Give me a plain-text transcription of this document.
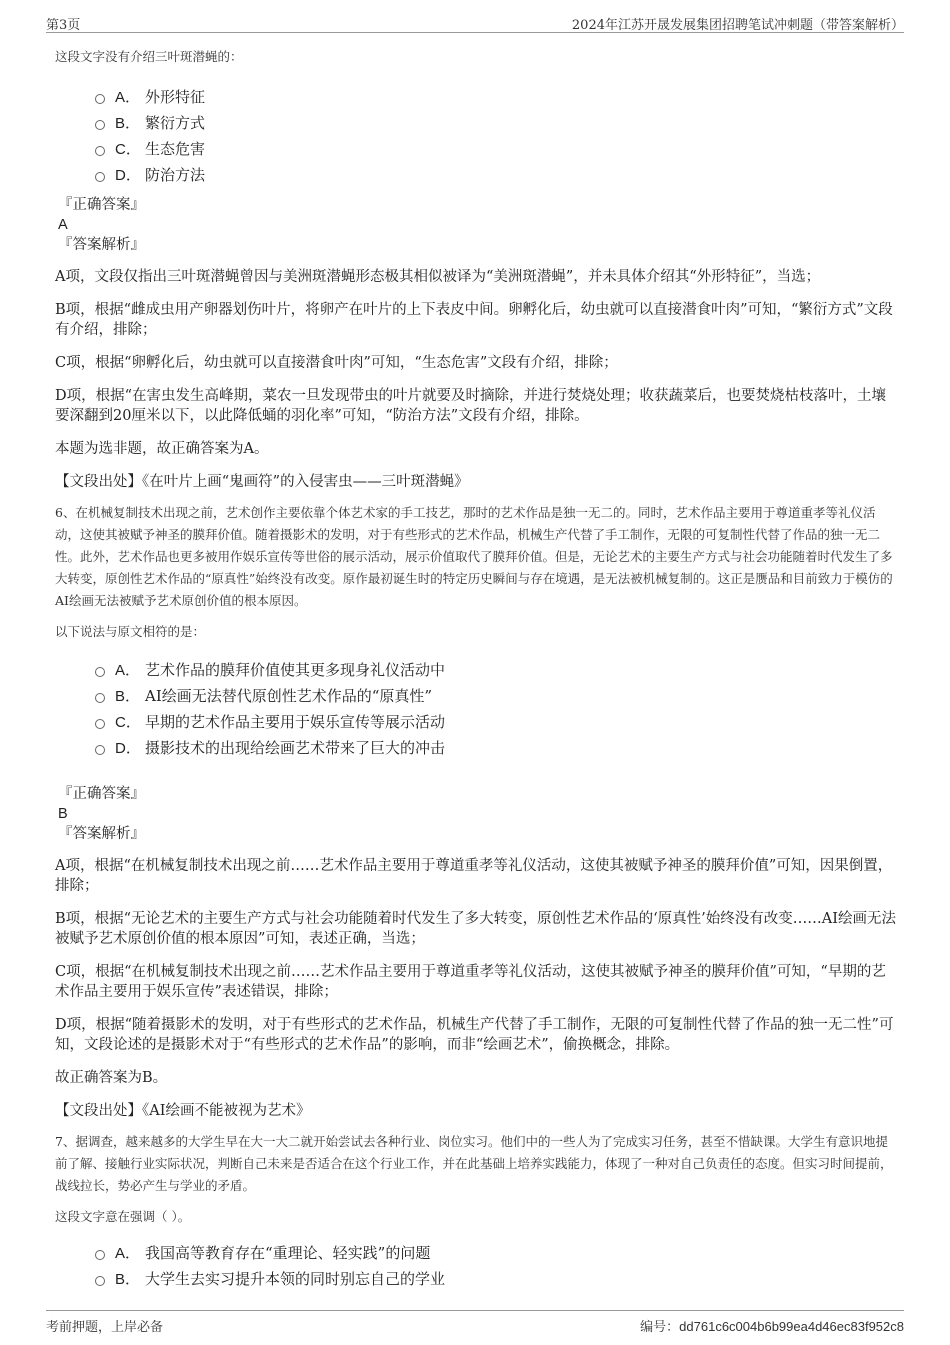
第3页	2024年江苏开晟发展集团招聘笔试冲刺题（带答案解析）
这段文字没有介绍三叶斑潜蝇的：
A． 外形特征
B． 繁衍方式
C． 生态危害
D． 防治方法
『正确答案』
A
『答案解析』

A项，文段仅指出三叶斑潜蝇曾因与美洲斑潜蝇形态极其相似被译为“美洲斑潜蝇”，并未具体介绍其“外形特征”，当选；

B项，根据“雌成虫用产卵器划伤叶片，将卵产在叶片的上下表皮中间。卵孵化后，幼虫就可以直接潜食叶肉”可知，“繁衍方式”文段有介绍，排除；

C项，根据“卵孵化后，幼虫就可以直接潜食叶肉”可知，“生态危害”文段有介绍，排除；

D项，根据“在害虫发生高峰期，菜农一旦发现带虫的叶片就要及时摘除，并进行焚烧处理；收获蔬菜后，也要焚烧枯枝落叶，土壤要深翻到20厘米以下，以此降低蛹的羽化率”可知，“防治方法”文段有介绍，排除。

本题为选非题，故正确答案为A。

【文段出处】《在叶片上画“鬼画符”的入侵害虫——三叶斑潜蝇》

6、在机械复制技术出现之前，艺术创作主要依靠个体艺术家的手工技艺，那时的艺术作品是独一无二的。同时，艺术作品主要用于尊道重孝等礼仪活动，这使其被赋予神圣的膜拜价值。随着摄影术的发明，对于有些形式的艺术作品，机械生产代替了手工制作，无限的可复制性代替了作品的独一无二性。此外，艺术作品也更多被用作娱乐宣传等世俗的展示活动，展示价值取代了膜拜价值。但是，无论艺术的主要生产方式与社会功能随着时代发生了多大转变，原创性艺术作品的“原真性”始终没有改变。原作最初诞生时的特定历史瞬间与存在境遇，是无法被机械复制的。这正是赝品和目前致力于模仿的AI绘画无法被赋予艺术原创价值的根本原因。
以下说法与原文相符的是：
A． 艺术作品的膜拜价值使其更多现身礼仪活动中
B． AI绘画无法替代原创性艺术作品的“原真性”
C． 早期的艺术作品主要用于娱乐宣传等展示活动
D． 摄影技术的出现给绘画艺术带来了巨大的冲击
『正确答案』
B
『答案解析』

A项，根据“在机械复制技术出现之前……艺术作品主要用于尊道重孝等礼仪活动，这使其被赋予神圣的膜拜价值”可知，因果倒置，排除；

B项，根据“无论艺术的主要生产方式与社会功能随着时代发生了多大转变，原创性艺术作品的‘原真性’始终没有改变……AI绘画无法被赋予艺术原创价值的根本原因”可知，表述正确，当选；

C项，根据“在机械复制技术出现之前……艺术作品主要用于尊道重孝等礼仪活动，这使其被赋予神圣的膜拜价值”可知，“早期的艺术作品主要用于娱乐宣传”表述错误，排除；

D项，根据“随着摄影术的发明，对于有些形式的艺术作品，机械生产代替了手工制作，无限的可复制性代替了作品的独一无二性”可知，文段论述的是摄影术对于“有些形式的艺术作品”的影响，而非“绘画艺术”，偷换概念，排除。

故正确答案为B。

【文段出处】《AI绘画不能被视为艺术》

7、据调查，越来越多的大学生早在大一大二就开始尝试去各种行业、岗位实习。他们中的一些人为了完成实习任务，甚至不惜缺课。大学生有意识地提前了解、接触行业实际状况，判断自己未来是否适合在这个行业工作，并在此基础上培养实践能力，体现了一种对自己负责任的态度。但实习时间提前，战线拉长，势必产生与学业的矛盾。
这段文字意在强调（ ）。
A． 我国高等教育存在“重理论、轻实践”的问题
B． 大学生去实习提升本领的同时别忘自己的学业
考前押题，上岸必备	编号：dd761c6c004b6b99ea4d46ec83f952c8
